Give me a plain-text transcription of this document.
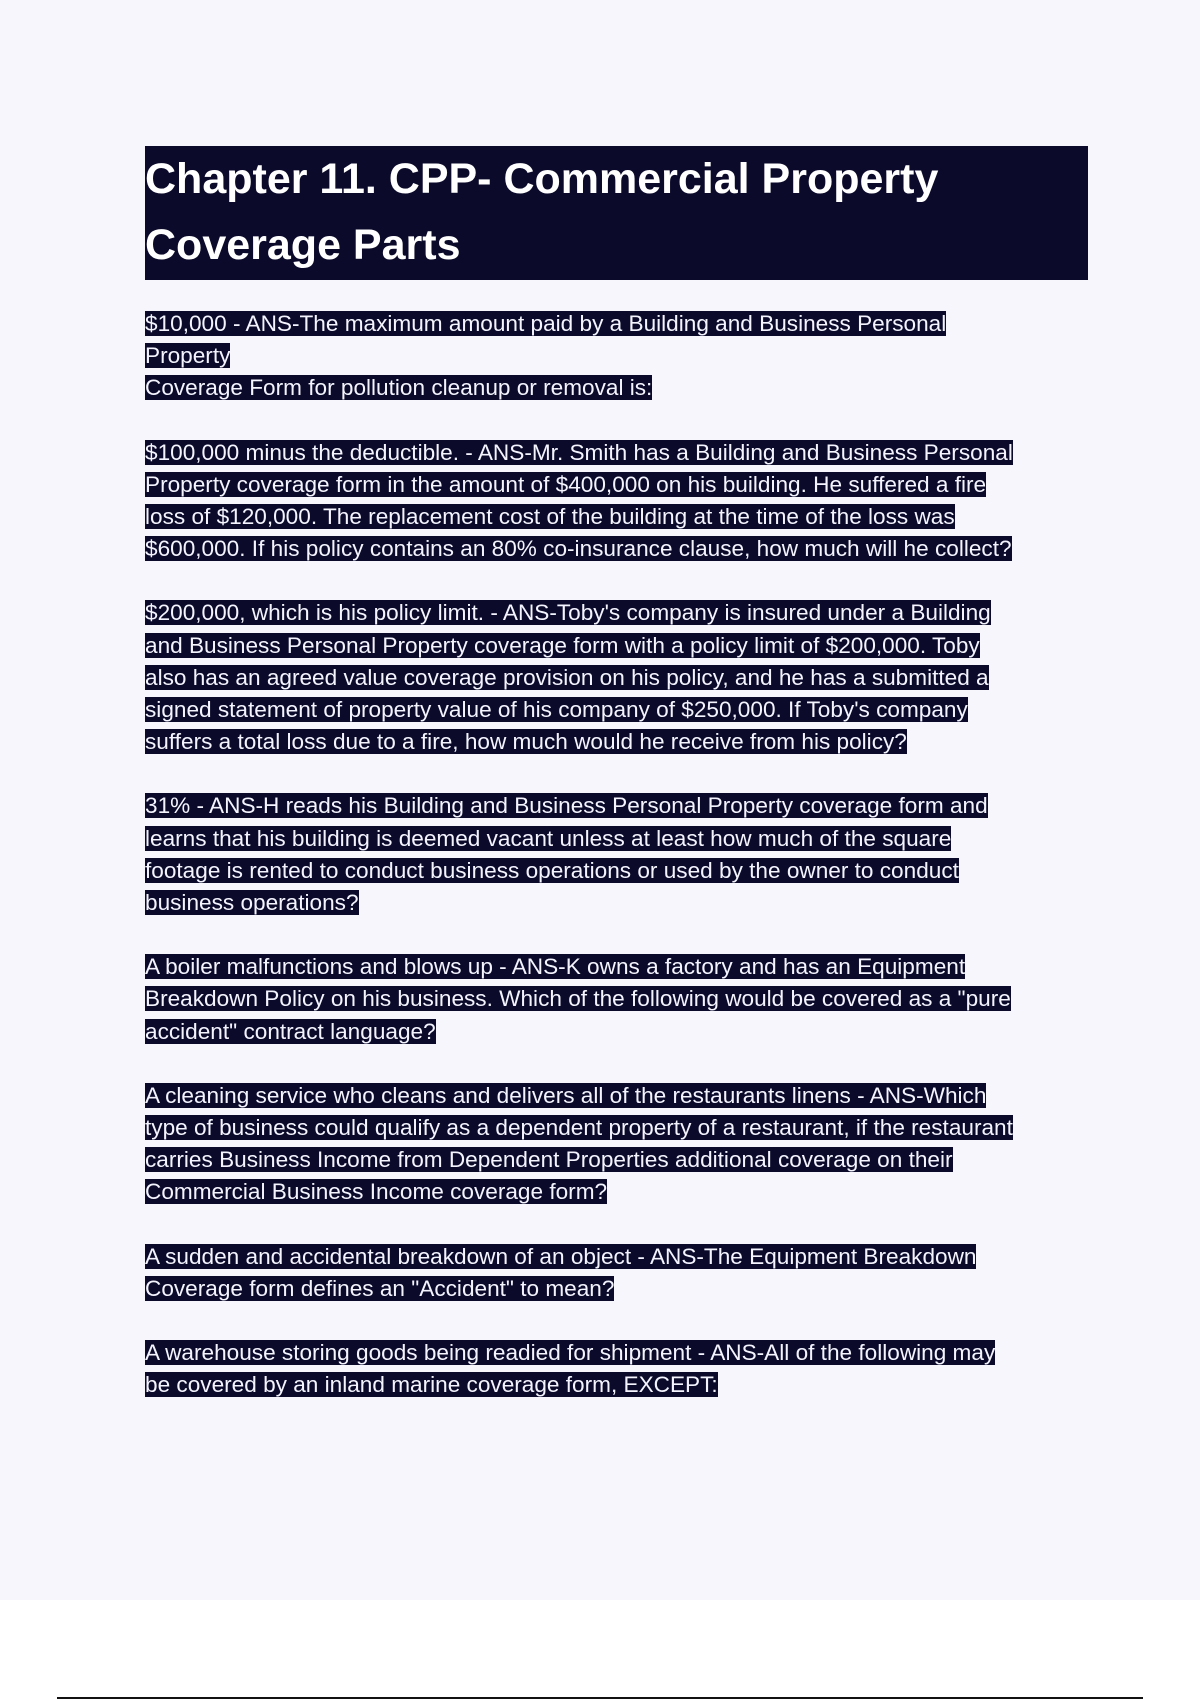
Chapter 11. CPP- Commercial Property Coverage Parts

$10,000 - ANS-The maximum amount paid by a Building and Business Personal
Property
Coverage Form for pollution cleanup or removal is:

$100,000 minus the deductible. - ANS-Mr. Smith has a Building and Business Personal
Property coverage form in the amount of $400,000 on his building. He suffered a fire
loss of $120,000. The replacement cost of the building at the time of the loss was
$600,000. If his policy contains an 80% co-insurance clause, how much will he collect?

$200,000, which is his policy limit. - ANS-Toby's company is insured under a Building
and Business Personal Property coverage form with a policy limit of $200,000. Toby
also has an agreed value coverage provision on his policy, and he has a submitted a
signed statement of property value of his company of $250,000. If Toby's company
suffers a total loss due to a fire, how much would he receive from his policy?

31% - ANS-H reads his Building and Business Personal Property coverage form and
learns that his building is deemed vacant unless at least how much of the square
footage is rented to conduct business operations or used by the owner to conduct
business operations?

A boiler malfunctions and blows up - ANS-K owns a factory and has an Equipment
Breakdown Policy on his business. Which of the following would be covered as a "pure
accident" contract language?

A cleaning service who cleans and delivers all of the restaurants linens - ANS-Which
type of business could qualify as a dependent property of a restaurant, if the restaurant
carries Business Income from Dependent Properties additional coverage on their
Commercial Business Income coverage form?

A sudden and accidental breakdown of an object - ANS-The Equipment Breakdown
Coverage form defines an "Accident" to mean?

A warehouse storing goods being readied for shipment - ANS-All of the following may
be covered by an inland marine coverage form, EXCEPT:
